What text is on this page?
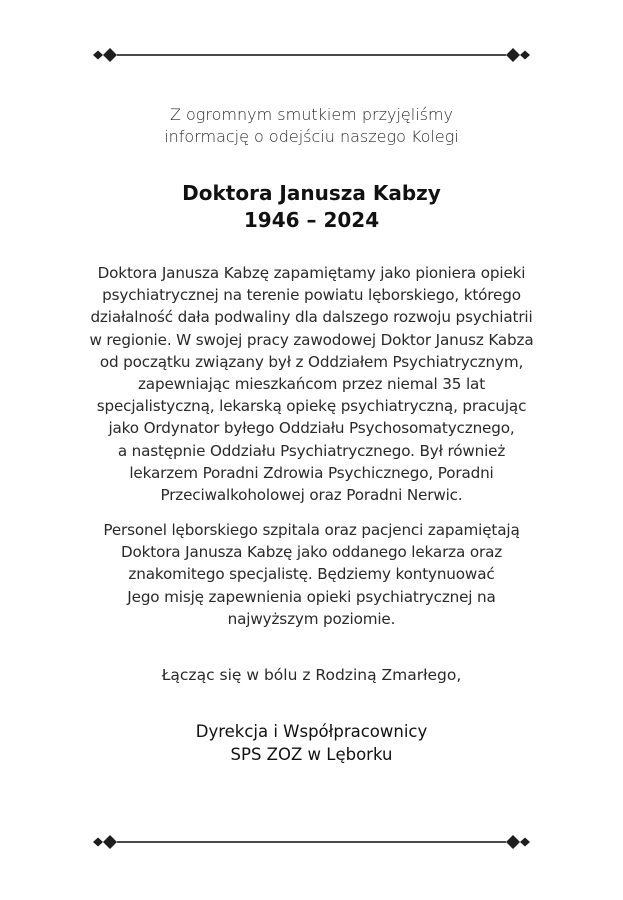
Z ogromnym smutkiem przyjęliśmy
informację o odejściu naszego Kolegi
Doktora Janusza Kabzy
1946 – 2024
Doktora Janusza Kabzę zapamiętamy jako pioniera opieki
psychiatrycznej na terenie powiatu lęborskiego, którego
działalność dała podwaliny dla dalszego rozwoju psychiatrii
w regionie. W swojej pracy zawodowej Doktor Janusz Kabza
od początku związany był z Oddziałem Psychiatrycznym,
zapewniając mieszkańcom przez niemal 35 lat
specjalistyczną, lekarską opiekę psychiatryczną, pracując
jako Ordynator byłego Oddziału Psychosomatycznego,
a następnie Oddziału Psychiatrycznego. Był również
lekarzem Poradni Zdrowia Psychicznego, Poradni
Przeciwalkoholowej oraz Poradni Nerwic.
Personel lęborskiego szpitala oraz pacjenci zapamiętają
Doktora Janusza Kabzę jako oddanego lekarza oraz
znakomitego specjalistę. Będziemy kontynuować
Jego misję zapewnienia opieki psychiatrycznej na
najwyższym poziomie.
Łącząc się w bólu z Rodziną Zmarłego,
Dyrekcja i Współpracownicy
SPS ZOZ w Lęborku
